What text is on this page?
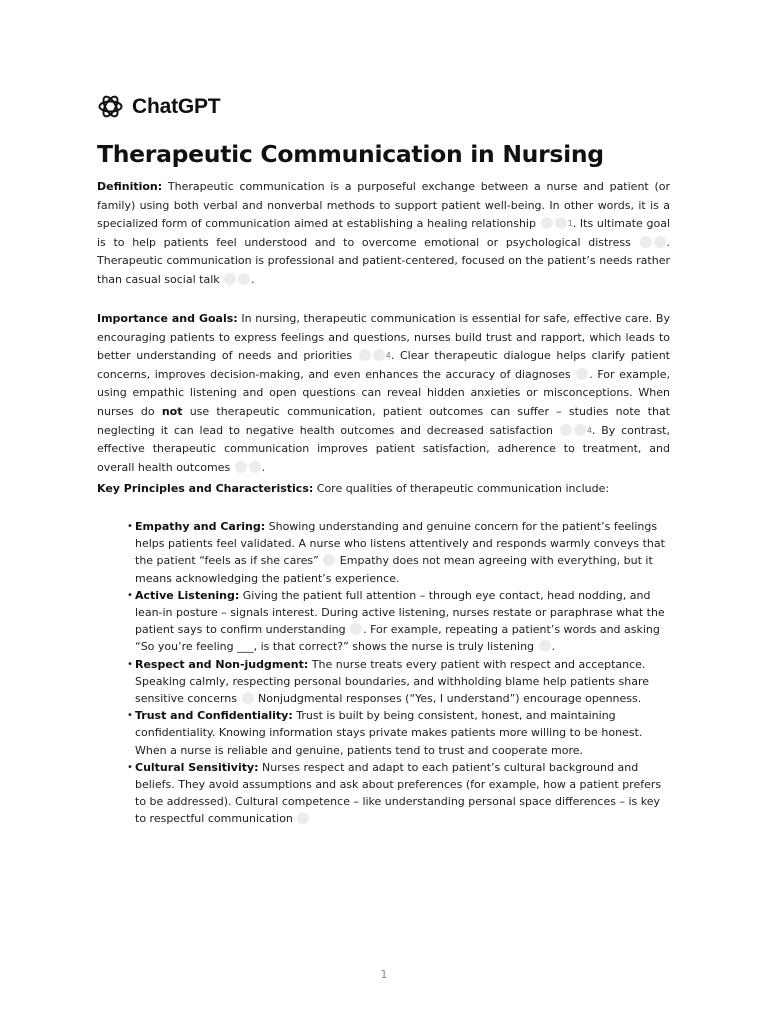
ChatGPT
Therapeutic Communication in Nursing

Definition: Therapeutic communication is a purposeful exchange between a nurse and patient (or family) using both verbal and nonverbal methods to support patient well-being. In other words, it is a specialized form of communication aimed at establishing a healing relationship	1. Its ultimate goal is to help patients feel understood and to overcome emotional or psychological distress	. Therapeutic communication is professional and patient-centered, focused on the patient’s needs rather than casual social talk	.

Importance and Goals: In nursing, therapeutic communication is essential for safe, effective care. By encouraging patients to express feelings and questions, nurses build trust and rapport, which leads to better understanding of needs and priorities	4. Clear therapeutic dialogue helps clarify patient concerns, improves decision-making, and even enhances the accuracy of diagnoses . For example, using empathic listening and open questions can reveal hidden anxieties or misconceptions. When nurses do not use therapeutic communication, patient outcomes can suffer – studies note that neglecting it can lead to negative health outcomes and decreased satisfaction	4. By contrast, effective therapeutic communication improves patient satisfaction, adherence to treatment, and overall health outcomes	.

Key Principles and Characteristics: Core qualities of therapeutic communication include:

• Empathy and Caring: Showing understanding and genuine concern for the patient’s feelings helps patients feel validated. A nurse who listens attentively and responds warmly conveys that the patient “feels as if she cares”  Empathy does not mean agreeing with everything, but it means acknowledging the patient’s experience.
• Active Listening: Giving the patient full attention – through eye contact, head nodding, and lean-in posture – signals interest. During active listening, nurses restate or paraphrase what the patient says to confirm understanding . For example, repeating a patient’s words and asking “So you’re feeling ___, is that correct?” shows the nurse is truly listening .
• Respect and Non-judgment: The nurse treats every patient with respect and acceptance. Speaking calmly, respecting personal boundaries, and withholding blame help patients share sensitive concerns  Nonjudgmental responses (“Yes, I understand”) encourage openness.
• Trust and Confidentiality: Trust is built by being consistent, honest, and maintaining confidentiality. Knowing information stays private makes patients more willing to be honest. When a nurse is reliable and genuine, patients tend to trust and cooperate more.
• Cultural Sensitivity: Nurses respect and adapt to each patient’s cultural background and beliefs. They avoid assumptions and ask about preferences (for example, how a patient prefers to be addressed). Cultural competence – like understanding personal space differences – is key to respectful communication
1
